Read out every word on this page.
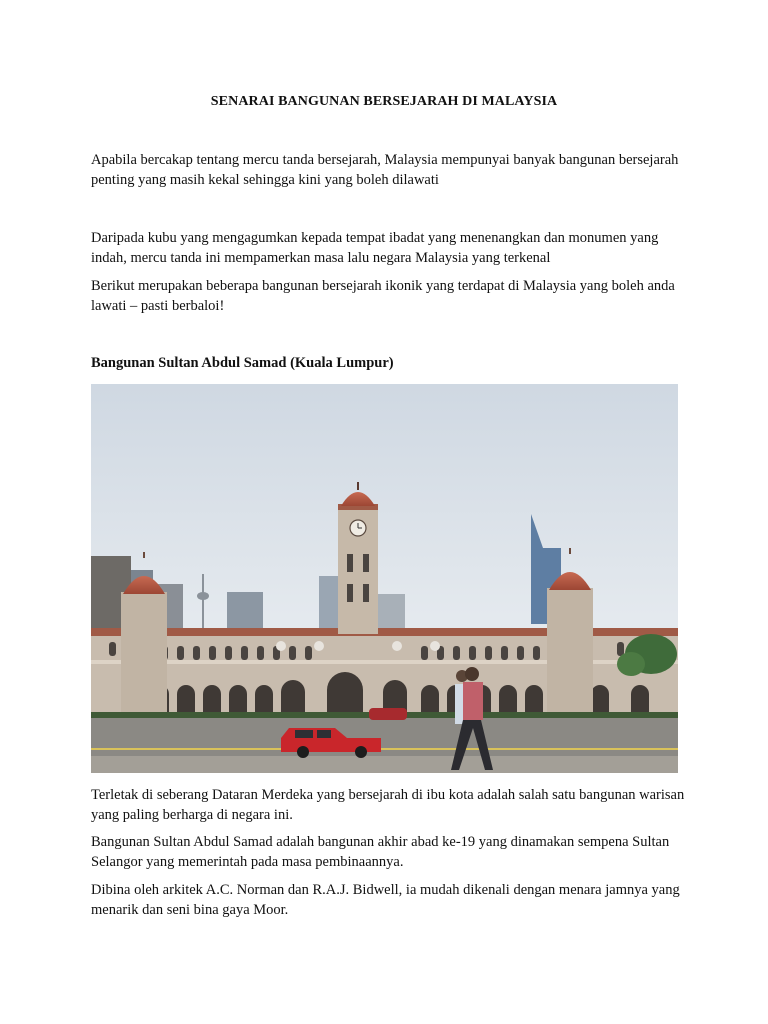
SENARAI BANGUNAN BERSEJARAH DI MALAYSIA
Apabila bercakap tentang mercu tanda bersejarah, Malaysia mempunyai banyak bangunan bersejarah penting yang masih kekal sehingga kini yang boleh dilawati
Daripada kubu yang mengagumkan kepada tempat ibadat yang menenangkan dan monumen yang indah, mercu tanda ini mempamerkan masa lalu negara Malaysia yang terkenal
Berikut merupakan beberapa bangunan bersejarah ikonik yang terdapat di Malaysia yang boleh anda lawati – pasti berbaloi!
Bangunan Sultan Abdul Samad (Kuala Lumpur)
Terletak di seberang Dataran Merdeka yang bersejarah di ibu kota adalah salah satu bangunan warisan yang paling berharga di negara ini.
Bangunan Sultan Abdul Samad adalah bangunan akhir abad ke-19 yang dinamakan sempena Sultan Selangor yang memerintah pada masa pembinaannya.
Dibina oleh arkitek A.C. Norman dan R.A.J. Bidwell, ia mudah dikenali dengan menara jamnya yang menarik dan seni bina gaya Moor.
